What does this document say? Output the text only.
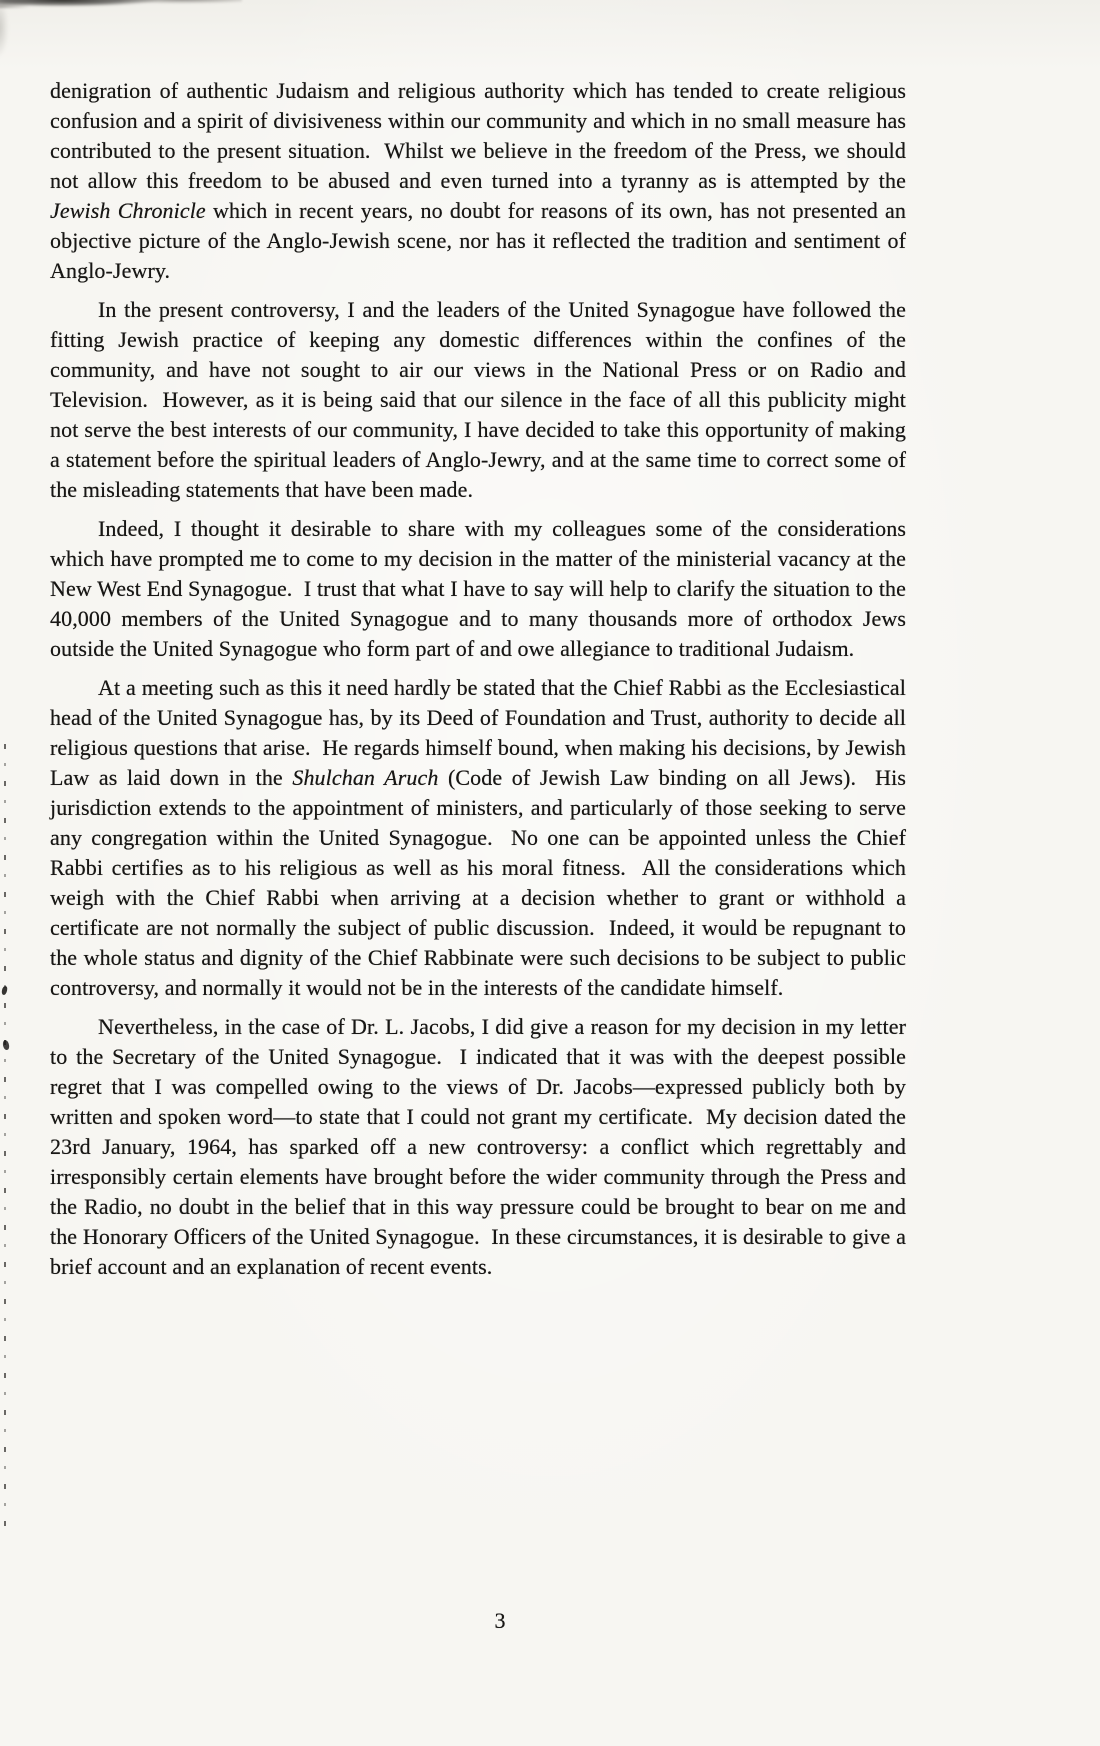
denigration of authentic Judaism and religious authority which has tended to create religious confusion and a spirit of divisiveness within our community and which in no small measure has contributed to the present situation.  Whilst we believe in the freedom of the Press, we should not allow this freedom to be abused and even turned into a tyranny as is attempted by the Jewish Chronicle which in recent years, no doubt for reasons of its own, has not presented an objective picture of the Anglo-Jewish scene, nor has it reflected the tradition and sentiment of Anglo-Jewry.

In the present controversy, I and the leaders of the United Synagogue have followed the fitting Jewish practice of keeping any domestic differences within the confines of the community, and have not sought to air our views in the National Press or on Radio and Television.  However, as it is being said that our silence in the face of all this publicity might not serve the best interests of our community, I have decided to take this opportunity of making a statement before the spiritual leaders of Anglo-Jewry, and at the same time to correct some of the misleading statements that have been made.

Indeed, I thought it desirable to share with my colleagues some of the considerations which have prompted me to come to my decision in the matter of the ministerial vacancy at the New West End Synagogue.  I trust that what I have to say will help to clarify the situation to the 40,000 members of the United Synagogue and to many thousands more of orthodox Jews outside the United Synagogue who form part of and owe allegiance to traditional Judaism.

At a meeting such as this it need hardly be stated that the Chief Rabbi as the Ecclesiastical head of the United Synagogue has, by its Deed of Foundation and Trust, authority to decide all religious questions that arise.  He regards himself bound, when making his decisions, by Jewish Law as laid down in the Shulchan Aruch (Code of Jewish Law binding on all Jews).  His jurisdiction extends to the appointment of ministers, and particularly of those seeking to serve any congregation within the United Synagogue.  No one can be appointed unless the Chief Rabbi certifies as to his religious as well as his moral fitness.  All the considerations which weigh with the Chief Rabbi when arriving at a decision whether to grant or withhold a certificate are not normally the subject of public discussion.  Indeed, it would be repugnant to the whole status and dignity of the Chief Rabbinate were such decisions to be subject to public controversy, and normally it would not be in the interests of the candidate himself.

Nevertheless, in the case of Dr. L. Jacobs, I did give a reason for my decision in my letter to the Secretary of the United Synagogue.  I indicated that it was with the deepest possible regret that I was compelled owing to the views of Dr. Jacobs—expressed publicly both by written and spoken word—to state that I could not grant my certificate.  My decision dated the 23rd January, 1964, has sparked off a new controversy: a conflict which regrettably and irresponsibly certain elements have brought before the wider community through the Press and the Radio, no doubt in the belief that in this way pressure could be brought to bear on me and the Honorary Officers of the United Synagogue.  In these circumstances, it is desirable to give a brief account and an explanation of recent events.

3
